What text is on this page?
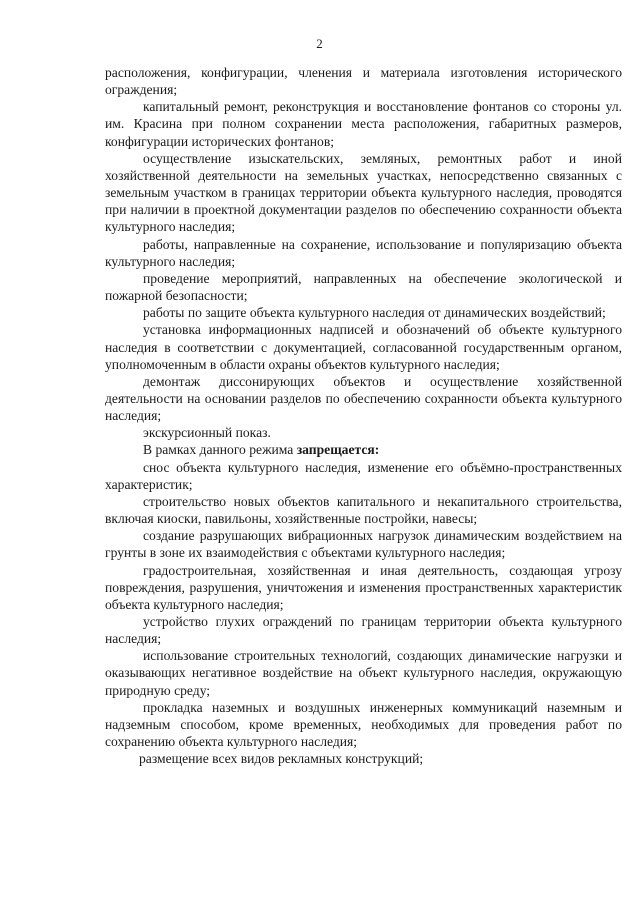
2

расположения, конфигурации, членения и материала изготовления исторического ограждения;

капитальный ремонт, реконструкция и восстановление фонтанов со стороны ул. им. Красина при полном сохранении места расположения, габаритных размеров, конфигурации исторических фонтанов;

осуществление изыскательских, земляных, ремонтных работ и иной хозяйственной деятельности на земельных участках, непосредственно связанных с земельным участком в границах территории объекта культурного наследия, проводятся при наличии в проектной документации разделов по обеспечению сохранности объекта культурного наследия;

работы, направленные на сохранение, использование и популяризацию объекта культурного наследия;

проведение мероприятий, направленных на обеспечение экологической и пожарной безопасности;

работы по защите объекта культурного наследия от динамических воздействий;

установка информационных надписей и обозначений об объекте культурного наследия в соответствии с документацией, согласованной государственным органом, уполномоченным в области охраны объектов культурного наследия;

демонтаж диссонирующих объектов и осуществление хозяйственной деятельности на основании разделов по обеспечению сохранности объекта культурного наследия;

экскурсионный показ.

В рамках данного режима запрещается:

снос объекта культурного наследия, изменение его объёмно-пространственных характеристик;

строительство новых объектов капитального и некапитального строительства, включая киоски, павильоны, хозяйственные постройки, навесы;

создание разрушающих вибрационных нагрузок динамическим воздействием на грунты в зоне их взаимодействия с объектами культурного наследия;

градостроительная, хозяйственная и иная деятельность, создающая угрозу повреждения, разрушения, уничтожения и изменения пространственных характеристик объекта культурного наследия;

устройство глухих ограждений по границам территории объекта культурного наследия;

использование строительных технологий, создающих динамические нагрузки и оказывающих негативное воздействие на объект культурного наследия, окружающую природную среду;

прокладка наземных и воздушных инженерных коммуникаций наземным и надземным способом, кроме временных, необходимых для проведения работ по сохранению объекта культурного наследия;

размещение всех видов рекламных конструкций;
